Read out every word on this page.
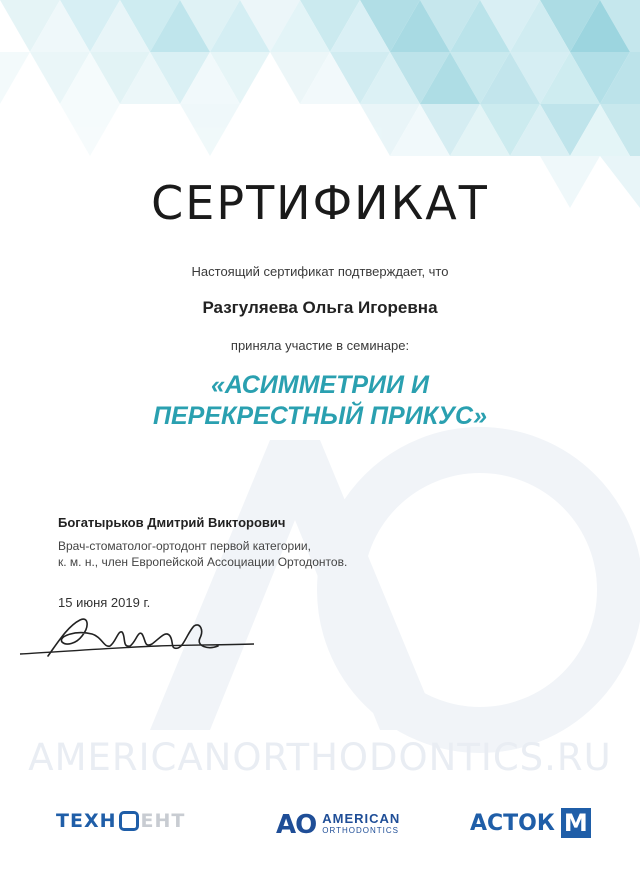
СЕРТИФИКАТ
Настоящий сертификат подтверждает, что
Разгуляева Ольга Игоревна
приняла участие в семинаре:
«АСИММЕТРИИ И
ПЕРЕКРЕСТНЫЙ ПРИКУС»
Богатырьков Дмитрий Викторович
Врач-стоматолог-ортодонт первой категории,
к. м. н., член Европейской Ассоциации Ортодонтов.
15 июня 2019 г.
AMERICANORTHODONTICS.RU
ТЕХН ЕНТ	AO AMERICAN
ORTHODONTICS	АСТОК M
